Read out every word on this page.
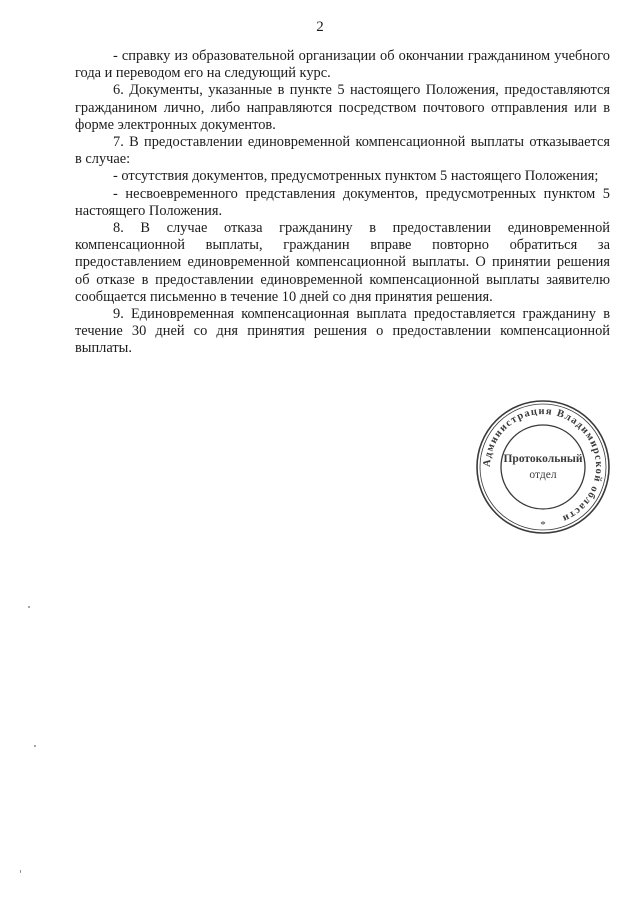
2

- справку из образовательной организации об окончании гражданином учебного года и переводом его на следующий курс.

6. Документы, указанные в пункте 5 настоящего Положения, предоставляются гражданином лично, либо направляются посредством почтового отправления или в форме электронных документов.

7. В предоставлении единовременной компенсационной выплаты отказывается в случае:

- отсутствия документов, предусмотренных пунктом 5 настоящего Положения;

- несвоевременного представления документов, предусмотренных пунктом 5 настоящего Положения.

8. В случае отказа гражданину в предоставлении единовременной компенсационной выплаты, гражданин вправе повторно обратиться за предоставлением единовременной компенсационной выплаты. О принятии решения об отказе в предоставлении единовременной компенсационной выплаты заявителю сообщается письменно в течение 10 дней со дня принятия решения.

9. Единовременная компенсационная выплата предоставляется гражданину в течение 30 дней со дня принятия решения о предоставлении компенсационной выплаты.

Администрация Владимирской области
*
Протокольный
отдел
